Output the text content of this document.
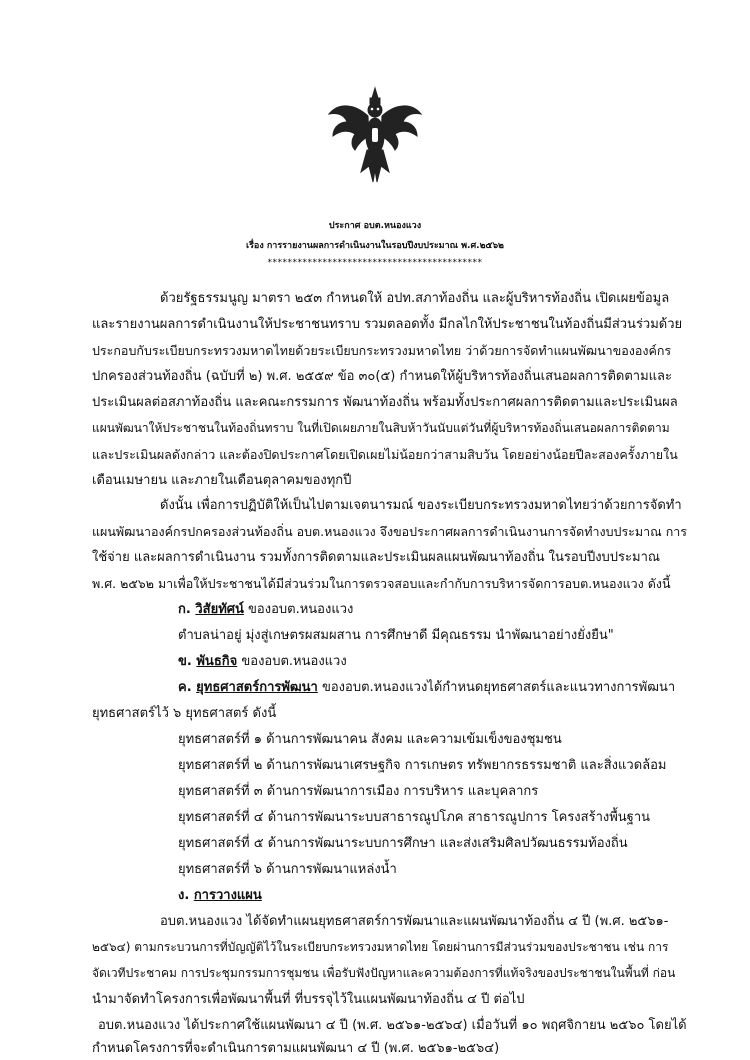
ประกาศ อบต.หนองแวง
เรื่อง การรายงานผลการดำเนินงานในรอบปีงบประมาณ พ.ศ.๒๕๖๒
*******************************************
ด้วยรัฐธรรมนูญ มาตรา ๒๕๓ กำหนดให้ อปท.สภาท้องถิ่น และผู้บริหารท้องถิ่น เปิดเผยข้อมูล
และรายงานผลการดำเนินงานให้ประชาชนทราบ รวมตลอดทั้ง มีกลไกให้ประชาชนในท้องถิ่นมีส่วนร่วมด้วย
ประกอบกับระเบียบกระทรวงมหาดไทยด้วยระเบียบกระทรวงมหาดไทย ว่าด้วยการจัดทำแผนพัฒนาขององค์กร
ปกครองส่วนท้องถิ่น (ฉบับที่ ๒) พ.ศ. ๒๕๕๙ ข้อ ๓๐(๕) กำหนดให้ผู้บริหารท้องถิ่นเสนอผลการติดตามและ
ประเมินผลต่อสภาท้องถิ่น และคณะกรรมการ พัฒนาท้องถิ่น พร้อมทั้งประกาศผลการติดตามและประเมินผล
แผนพัฒนาให้ประชาชนในท้องถิ่นทราบ ในที่เปิดเผยภายในสิบห้าวันนับแต่วันที่ผู้บริหารท้องถิ่นเสนอผลการติดตาม
และประเมินผลดังกล่าว และต้องปิดประกาศโดยเปิดเผยไม่น้อยกว่าสามสิบวัน โดยอย่างน้อยปีละสองครั้งภายใน
เดือนเมษายน และภายในเดือนตุลาคมของทุกปี
ดังนั้น เพื่อการปฏิบัติให้เป็นไปตามเจตนารมณ์ ของระเบียบกระทรวงมหาดไทยว่าด้วยการจัดทำ
แผนพัฒนาองค์กรปกครองส่วนท้องถิ่น อบต.หนองแวง จึงขอประกาศผลการดำเนินงานการจัดทำงบประมาณ การ
ใช้จ่าย และผลการดำเนินงาน รวมทั้งการติดตามและประเมินผลแผนพัฒนาท้องถิ่น ในรอบปีงบประมาณ
พ.ศ. ๒๕๖๒ มาเพื่อให้ประชาชนได้มีส่วนร่วมในการตรวจสอบและกำกับการบริหารจัดการอบต.หนองแวง ดังนี้
ก. วิสัยทัศน์ ของอบต.หนองแวง
ตำบลน่าอยู่ มุ่งสู่เกษตรผสมผสาน การศึกษาดี มีคุณธรรม นำพัฒนาอย่างยั่งยืน"
ข. พันธกิจ ของอบต.หนองแวง
ค. ยุทธศาสตร์การพัฒนา ของอบต.หนองแวงได้กำหนดยุทธศาสตร์และแนวทางการพัฒนา
ยุทธศาสตร์ไว้ ๖ ยุทธศาสตร์ ดังนี้
ยุทธศาสตร์ที่ ๑ ด้านการพัฒนาคน สังคม และความเข้มเข็งของชุมชน
ยุทธศาสตร์ที่ ๒ ด้านการพัฒนาเศรษฐกิจ การเกษตร ทรัพยากรธรรมชาติ และสิ่งแวดล้อม
ยุทธศาสตร์ที่ ๓ ด้านการพัฒนาการเมือง การบริหาร และบุคลากร
ยุทธศาสตร์ที่ ๔ ด้านการพัฒนาระบบสาธารณูปโภค สาธารณูปการ โครงสร้างพื้นฐาน
ยุทธศาสตร์ที่ ๕ ด้านการพัฒนาระบบการศึกษา และส่งเสริมศิลปวัฒนธรรมท้องถิ่น
ยุทธศาสตร์ที่ ๖ ด้านการพัฒนาแหล่งน้ำ
ง. การวางแผน
อบต.หนองแวง ได้จัดทำแผนยุทธศาสตร์การพัฒนาและแผนพัฒนาท้องถิ่น ๔ ปี (พ.ศ. ๒๕๖๑-
๒๕๖๔) ตามกระบวนการที่บัญญัติไว้ในระเบียบกระทรวงมหาดไทย โดยผ่านการมีส่วนร่วมของประชาชน เช่น การ
จัดเวทีประชาคม การประชุมกรรมการชุมชน เพื่อรับฟังปัญหาและความต้องการที่แท้จริงของประชาชนในพื้นที่ ก่อน
นำมาจัดทำโครงการเพื่อพัฒนาพื้นที่ ที่บรรจุไว้ในแผนพัฒนาท้องถิ่น ๔ ปี ต่อไป
อบต.หนองแวง ได้ประกาศใช้แผนพัฒนา ๔ ปี (พ.ศ. ๒๕๖๑-๒๕๖๔) เมื่อวันที่ ๑๐ พฤศจิกายน ๒๕๖๐ โดยได้
กำหนดโครงการที่จะดำเนินการตามแผนพัฒนา ๔ ปี (พ.ศ. ๒๕๖๑-๒๕๖๔)
